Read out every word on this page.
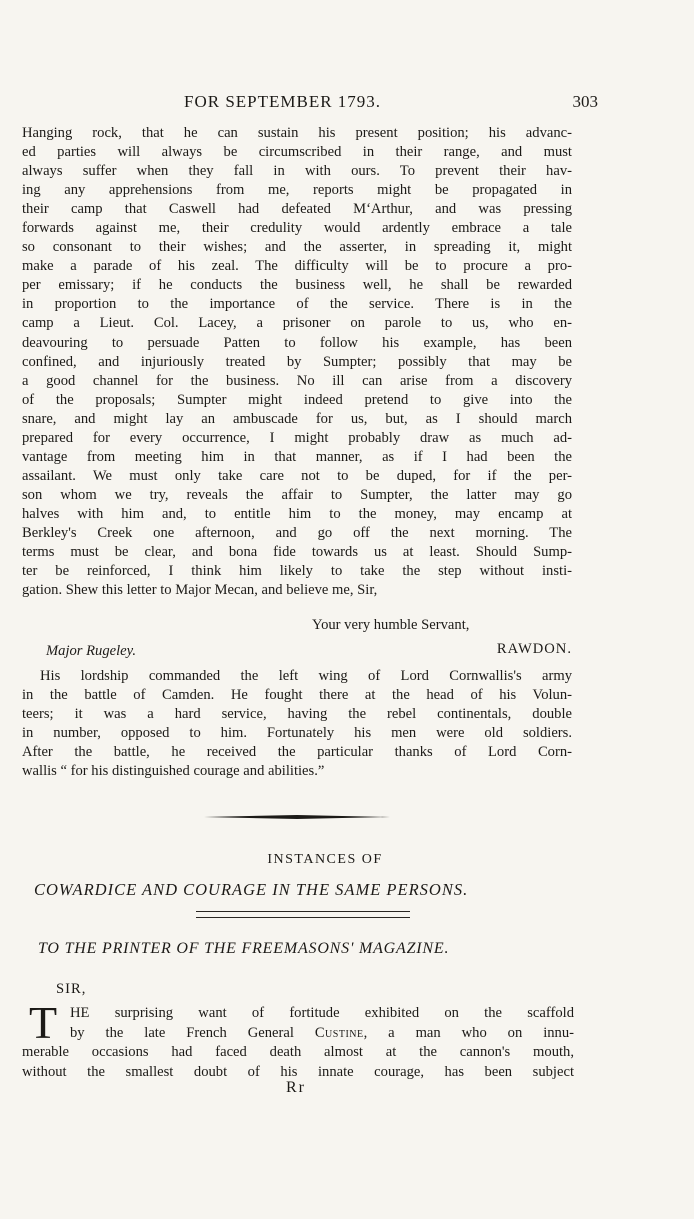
FOR SEPTEMBER 1793.	303
Hanging rock, that he can sustain his present position; his advanc-
ed parties will always be circumscribed in their range, and must
always suffer when they fall in with ours. To prevent their hav-
ing any apprehensions from me, reports might be propagated in
their camp that Caswell had defeated M‘Arthur, and was pressing
forwards against me, their credulity would ardently embrace a tale
so consonant to their wishes; and the asserter, in spreading it, might
make a parade of his zeal. The difficulty will be to procure a pro-
per emissary; if he conducts the business well, he shall be rewarded
in proportion to the importance of the service. There is in the
camp a Lieut. Col. Lacey, a prisoner on parole to us, who en-
deavouring to persuade Patten to follow his example, has been
confined, and injuriously treated by Sumpter; possibly that may be
a good channel for the business. No ill can arise from a discovery
of the proposals; Sumpter might indeed pretend to give into the
snare, and might lay an ambuscade for us, but, as I should march
prepared for every occurrence, I might probably draw as much ad-
vantage from meeting him in that manner, as if I had been the
assailant. We must only take care not to be duped, for if the per-
son whom we try, reveals the affair to Sumpter, the latter may go
halves with him and, to entitle him to the money, may encamp at
Berkley's Creek one afternoon, and go off the next morning. The
terms must be clear, and bona fide towards us at least. Should Sump-
ter be reinforced, I think him likely to take the step without insti-
gation. Shew this letter to Major Mecan, and believe me, Sir,
Your very humble Servant,
Major Rugeley.	RAWDON.
His lordship commanded the left wing of Lord Cornwallis's army
in the battle of Camden. He fought there at the head of his Volun-
teers; it was a hard service, having the rebel continentals, double
in number, opposed to him. Fortunately his men were old soldiers.
After the battle, he received the particular thanks of Lord Corn-
wallis “ for his distinguished courage and abilities.”
INSTANCES OF
COWARDICE AND COURAGE IN THE SAME PERSONS.
TO THE PRINTER OF THE FREEMASONS' MAGAZINE.
SIR,
T HE surprising want of fortitude exhibited on the scaffold
by the late French General Custine, a man who on innu-
merable occasions had faced death almost at the cannon's mouth,
without the smallest doubt of his innate courage, has been subject
Rr
